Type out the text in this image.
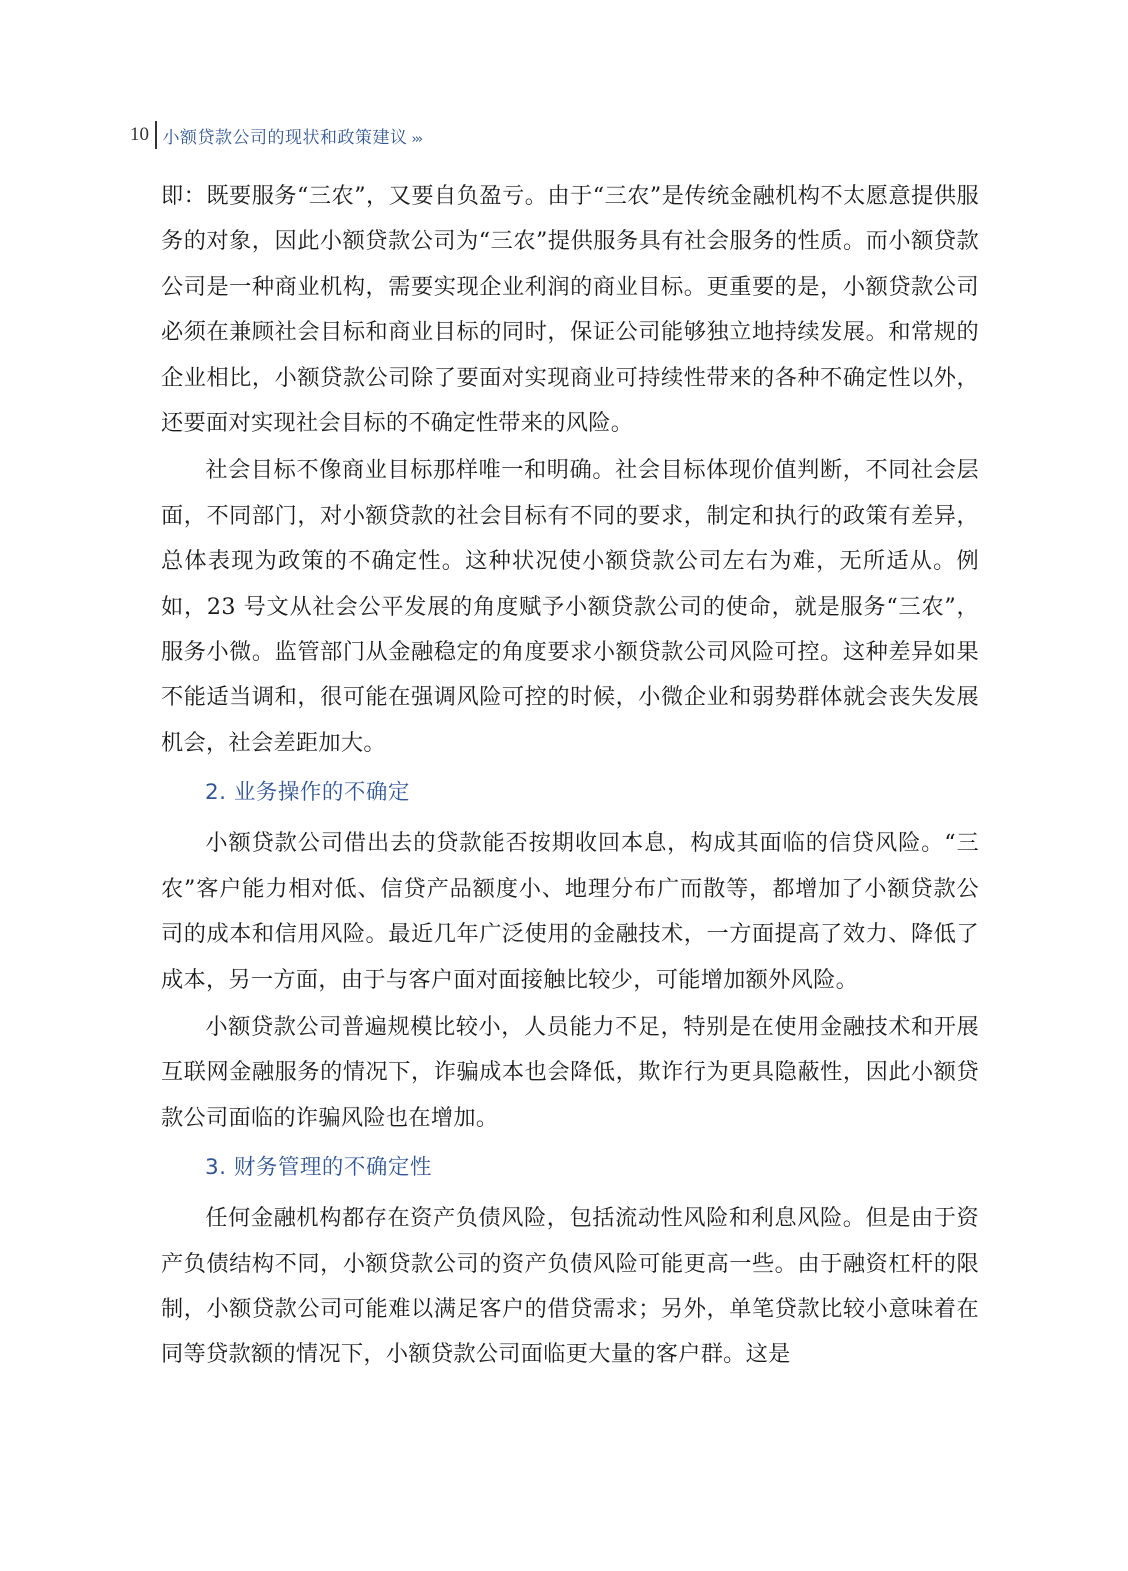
10 小额贷款公司的现状和政策建议 ›››

即：既要服务“三农”，又要自负盈亏。由于“三农”是传统金融机构不太愿意提供服务的对象，因此小额贷款公司为“三农”提供服务具有社会服务的性质。而小额贷款公司是一种商业机构，需要实现企业利润的商业目标。更重要的是，小额贷款公司必须在兼顾社会目标和商业目标的同时，保证公司能够独立地持续发展。和常规的企业相比，小额贷款公司除了要面对实现商业可持续性带来的各种不确定性以外，还要面对实现社会目标的不确定性带来的风险。

社会目标不像商业目标那样唯一和明确。社会目标体现价值判断，不同社会层面，不同部门，对小额贷款的社会目标有不同的要求，制定和执行的政策有差异，总体表现为政策的不确定性。这种状况使小额贷款公司左右为难，无所适从。例如，23 号文从社会公平发展的角度赋予小额贷款公司的使命，就是服务“三农”，服务小微。监管部门从金融稳定的角度要求小额贷款公司风险可控。这种差异如果不能适当调和，很可能在强调风险可控的时候，小微企业和弱势群体就会丧失发展机会，社会差距加大。

2. 业务操作的不确定

小额贷款公司借出去的贷款能否按期收回本息，构成其面临的信贷风险。“三农”客户能力相对低、信贷产品额度小、地理分布广而散等，都增加了小额贷款公司的成本和信用风险。最近几年广泛使用的金融技术，一方面提高了效力、降低了成本，另一方面，由于与客户面对面接触比较少，可能增加额外风险。

小额贷款公司普遍规模比较小，人员能力不足，特别是在使用金融技术和开展互联网金融服务的情况下，诈骗成本也会降低，欺诈行为更具隐蔽性，因此小额贷款公司面临的诈骗风险也在增加。

3. 财务管理的不确定性

任何金融机构都存在资产负债风险，包括流动性风险和利息风险。但是由于资产负债结构不同，小额贷款公司的资产负债风险可能更高一些。由于融资杠杆的限制，小额贷款公司可能难以满足客户的借贷需求；另外，单笔贷款比较小意味着在同等贷款额的情况下，小额贷款公司面临更大量的客户群。这是
